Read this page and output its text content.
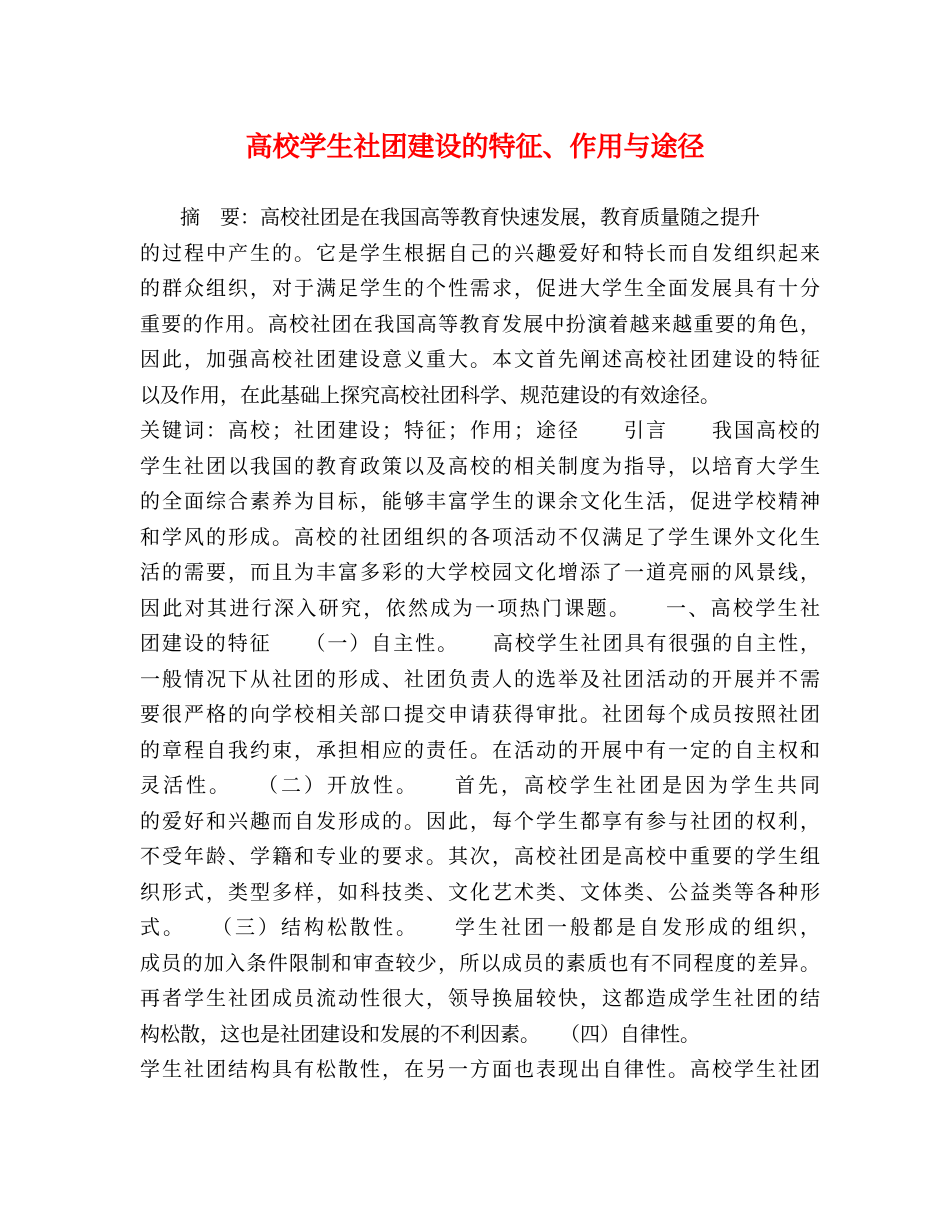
高校学生社团建设的特征、作用与途径
摘　要：高校社团是在我国高等教育快速发展，教育质量随之提升
的过程中产生的。它是学生根据自己的兴趣爱好和特长而自发组织起来
的群众组织，对于满足学生的个性需求，促进大学生全面发展具有十分
重要的作用。高校社团在我国高等教育发展中扮演着越来越重要的角色，
因此，加强高校社团建设意义重大。本文首先阐述高校社团建设的特征
以及作用，在此基础上探究高校社团科学、规范建设的有效途径。
关键词：高校；社团建设；特征；作用；途径　　引言　　我国高校的
学生社团以我国的教育政策以及高校的相关制度为指导，以培育大学生
的全面综合素养为目标，能够丰富学生的课余文化生活，促进学校精神
和学风的形成。高校的社团组织的各项活动不仅满足了学生课外文化生
活的需要，而且为丰富多彩的大学校园文化增添了一道亮丽的风景线，
因此对其进行深入研究，依然成为一项热门课题。　　一、高校学生社
团建设的特征　　（一）自主性。　　高校学生社团具有很强的自主性，
一般情况下从社团的形成、社团负责人的选举及社团活动的开展并不需
要很严格的向学校相关部口提交申请获得审批。社团每个成员按照社团
的章程自我约束，承担相应的责任。在活动的开展中有一定的自主权和
灵活性。　　（二）开放性。　　首先，高校学生社团是因为学生共同
的爱好和兴趣而自发形成的。因此，每个学生都享有参与社团的权利，
不受年龄、学籍和专业的要求。其次，高校社团是高校中重要的学生组
织形式，类型多样，如科技类、文化艺术类、文体类、公益类等各种形
式。　　（三）结构松散性。　　学生社团一般都是自发形成的组织，
成员的加入条件限制和审查较少，所以成员的素质也有不同程度的差异。
再者学生社团成员流动性很大，领导换届较快，这都造成学生社团的结
构松散，这也是社团建设和发展的不利因素。　　（四）自律性。
学生社团结构具有松散性，在另一方面也表现出自律性。高校学生社团
